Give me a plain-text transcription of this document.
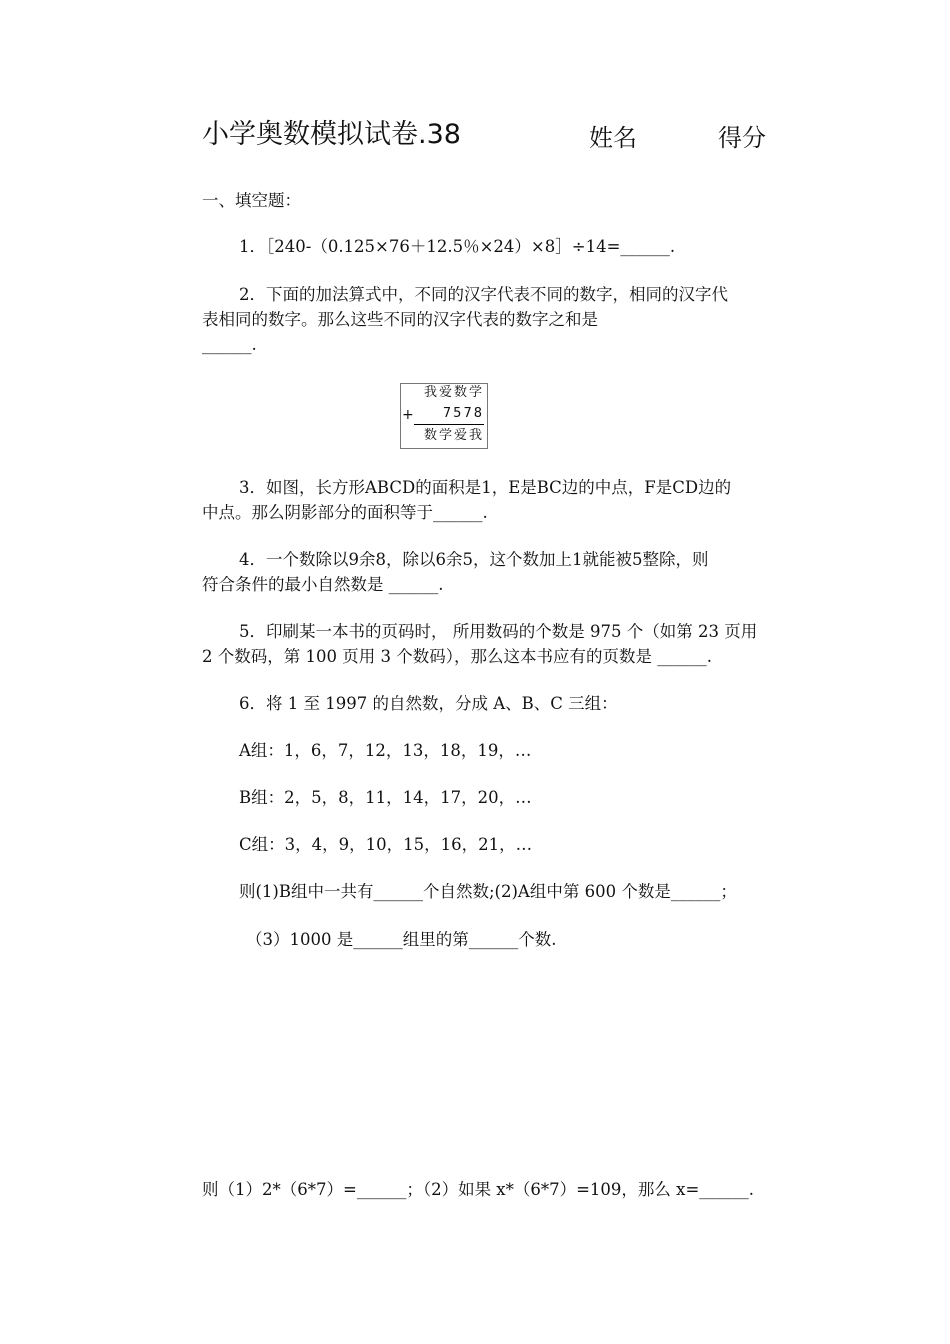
小学奥数模拟试卷.38	姓名	得分
一、填空题：
1．［240-（0.125×76＋12.5％×24）×8］÷14=______.
2．下面的加法算式中，不同的汉字代表不同的数字，相同的汉字代
表相同的数字。那么这些不同的汉字代表的数字之和是
______.
我爱数学
+	7578
数学爱我
3．如图，长方形ABCD的面积是1，E是BC边的中点，F是CD边的
中点。那么阴影部分的面积等于______.
4．一个数除以9余8，除以6余5，这个数加上1就能被5整除，则
符合条件的最小自然数是 ______.
5．印刷某一本书的页码时， 所用数码的个数是 975 个（如第 23 页用
2 个数码，第 100 页用 3 个数码），那么这本书应有的页数是 ______.
6．将 1 至 1997 的自然数，分成 A、B、C 三组：
A组：1，6，7，12，13，18，19，…
B组：2，5，8，11，14，17，20，…
C组：3，4，9，10，15，16，21，…
则(1)B组中一共有______个自然数;(2)A组中第 600 个数是______；
（3）1000 是______组里的第______个数.
则（1）2*（6*7）=______；（2）如果 x*（6*7）=109，那么 x=______.
